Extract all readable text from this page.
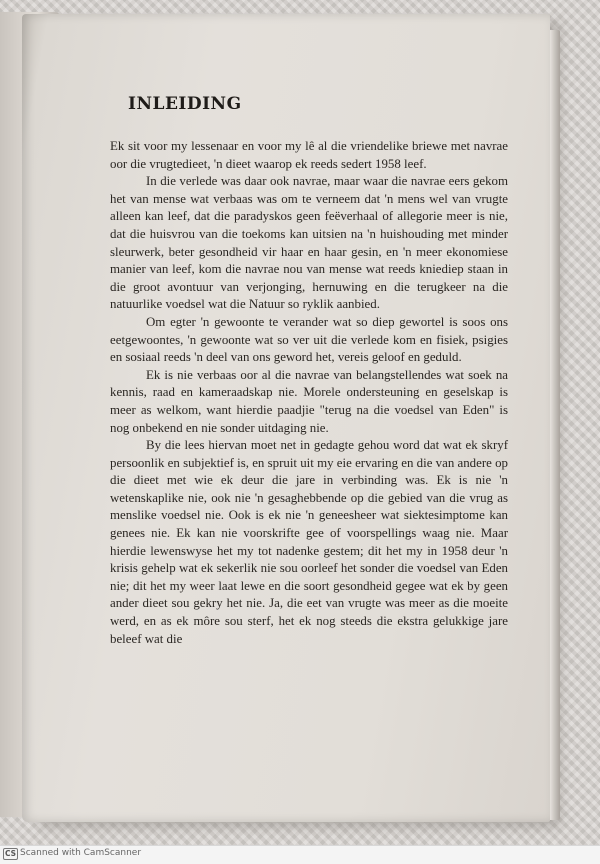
INLEIDING

Ek sit voor my lessenaar en voor my lê al die vriendelike briewe met navrae oor die vrugtedieet, 'n dieet waarop ek reeds sedert 1958 leef.

In die verlede was daar ook navrae, maar waar die navrae eers gekom het van mense wat verbaas was om te verneem dat 'n mens wel van vrugte alleen kan leef, dat die paradyskos geen feëverhaal of allegorie meer is nie, dat die huisvrou van die toekoms kan uitsien na 'n huishouding met minder sleurwerk, beter gesondheid vir haar en haar gesin, en 'n meer ekonomiese manier van leef, kom die navrae nou van mense wat reeds kniediep staan in die groot avontuur van verjonging, hernuwing en die terugkeer na die natuurlike voedsel wat die Natuur so ryklik aanbied.

Om egter 'n gewoonte te verander wat so diep gewortel is soos ons eetgewoontes, 'n gewoonte wat so ver uit die verlede kom en fisiek, psigies en sosiaal reeds 'n deel van ons geword het, vereis geloof en geduld.

Ek is nie verbaas oor al die navrae van belangstellendes wat soek na kennis, raad en kameraadskap nie. Morele ondersteuning en geselskap is meer as welkom, want hierdie paadjie "terug na die voedsel van Eden" is nog onbekend en nie sonder uitdaging nie.

By die lees hiervan moet net in gedagte gehou word dat wat ek skryf persoonlik en subjektief is, en spruit uit my eie ervaring en die van andere op die dieet met wie ek deur die jare in verbinding was. Ek is nie 'n wetenskaplike nie, ook nie 'n gesaghebbende op die gebied van die vrug as menslike voedsel nie. Ook is ek nie 'n geneesheer wat siektesimptome kan genees nie. Ek kan nie voorskrifte gee of voorspellings waag nie. Maar hierdie lewenswyse het my tot nadenke gestem; dit het my in 1958 deur 'n krisis gehelp wat ek sekerlik nie sou oorleef het sonder die voedsel van Eden nie; dit het my weer laat lewe en die soort gesondheid gegee wat ek by geen ander dieet sou gekry het nie. Ja, die eet van vrugte was meer as die moeite werd, en as ek môre sou sterf, het ek nog steeds die ekstra gelukkige jare beleef wat die

CS Scanned with CamScanner
